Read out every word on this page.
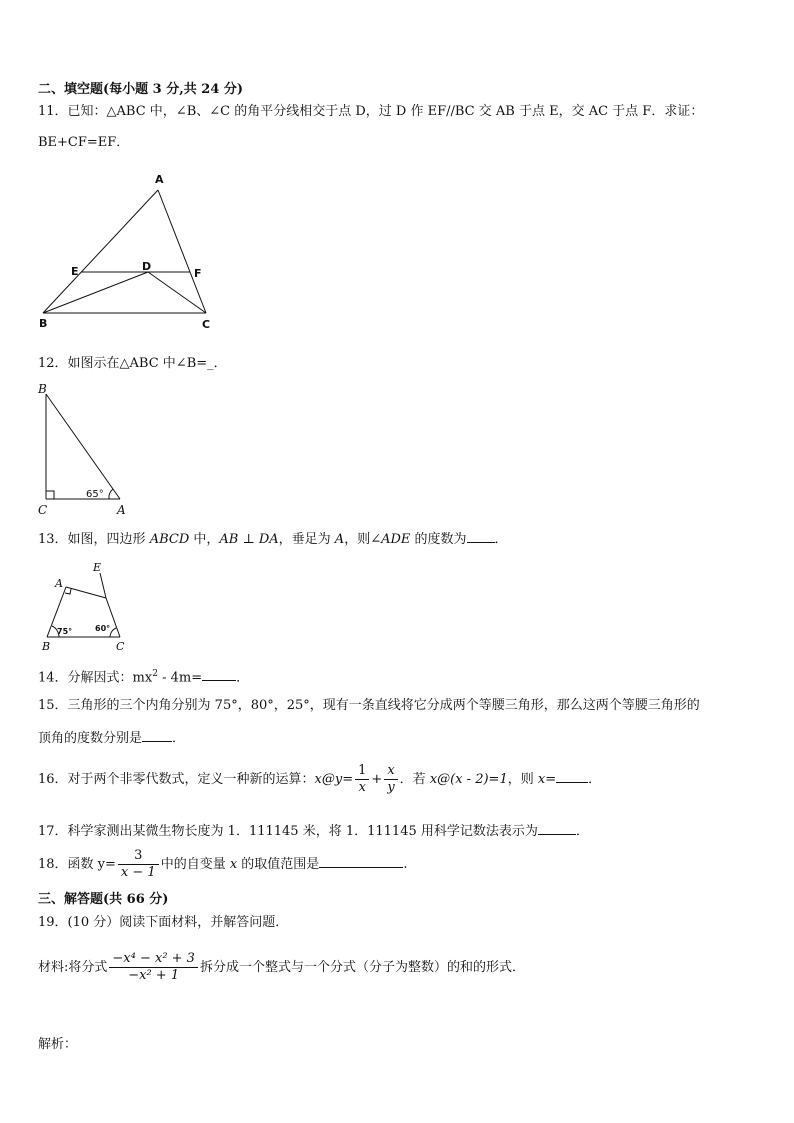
二、填空题(每小题 3 分,共 24 分)
11．已知：△ABC 中，∠B、∠C 的角平分线相交于点 D，过 D 作 EF//BC 交 AB 于点 E，交 AC 于点 F．求证：
BE+CF=EF．
A
E	D
F
B	C
12．如图示在△ABC 中∠B=_．
B
C	A
65°
13．如图，四边形 ABCD 中，AB ⊥ DA，垂足为 A，则∠ADE 的度数为 ．
A
E
B	C
75°	60°
14．分解因式：$mx^2 - 4m=$	．
15．三角形的三个内角分别为 75°，80°，25°，现有一条直线将它分成两个等腰三角形，那么这两个等腰三角形的
顶角的度数分别是 ．
16．对于两个非零代数式，定义一种新的运算：x@y= $\frac{1}{x} + \frac{x}{y}$ ．若 x@(x - 2)=1，则 x= ．
17．科学家测出某微生物长度为 1．111145 米，将 1．111145 用科学记数法表示为	．
18．函数 $y= \frac{3}{x - 1}$ 中的自变量 x 的取值范围是	.
三、解答题(共 66 分)
19．(10 分）阅读下面材料，并解答问题．
材料:将分式 $\frac{\text{−x⁴ − x² + 3}}{\text{−x² + 1}}$ 拆分成一个整式与一个分式（分子为整数）的和的形式．
解析：
